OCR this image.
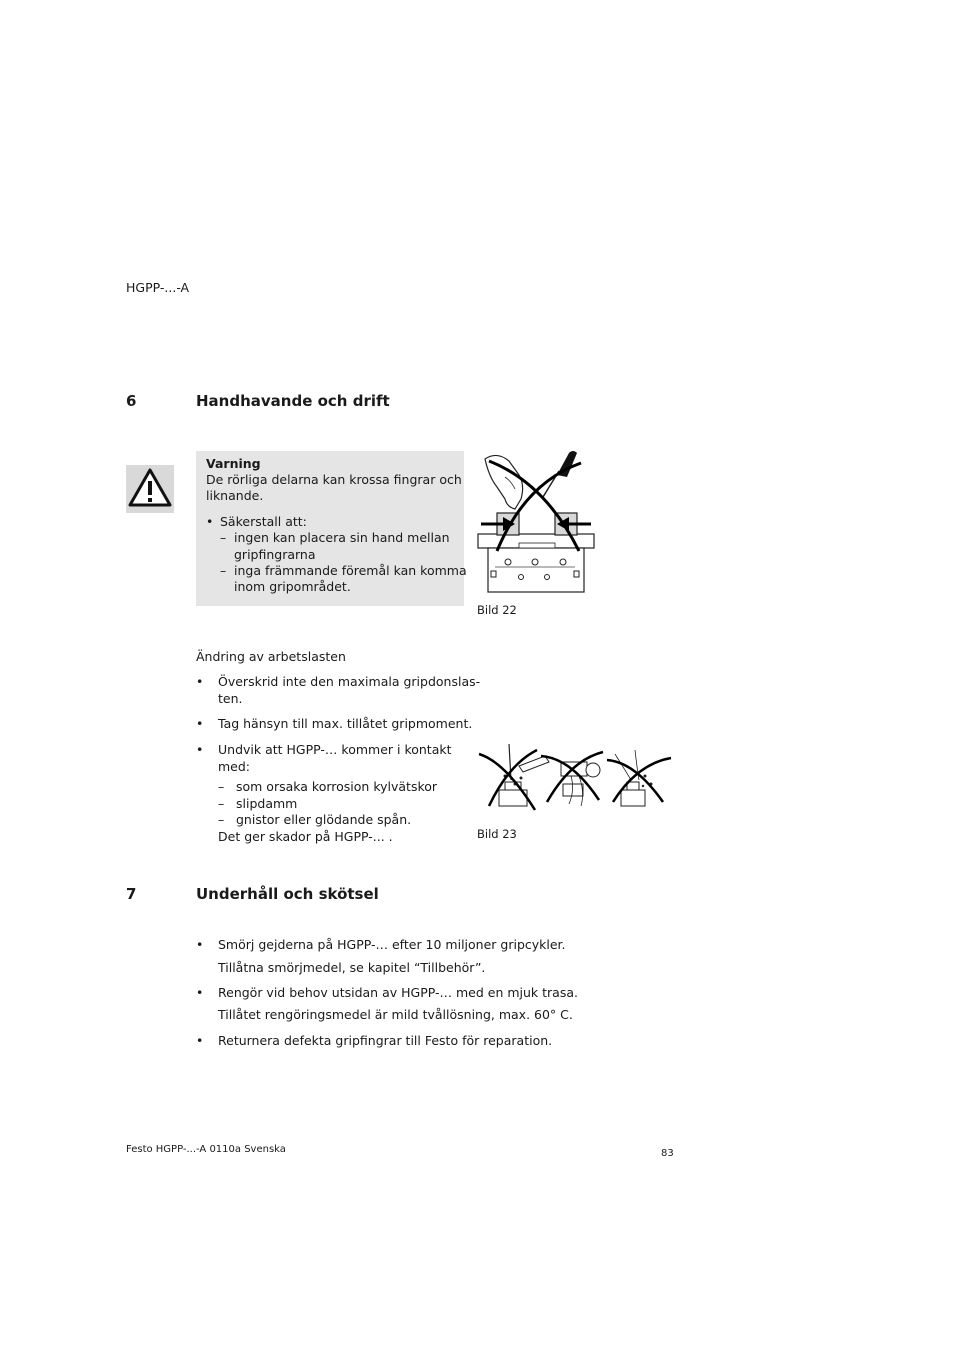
HGPP-...-A
6	Handhavande och drift
Varning
De rörliga delarna kan krossa fingrar och
liknande.
• Säkerstall att:
– ingen kan placera sin hand mellan
gripfingrarna
– inga främmande föremål kan komma
inom gripområdet.
Bild 22
Ändring av arbetslasten
• Överskrid inte den maximala gripdonslas-
ten.
• Tag hänsyn till max. tillåtet gripmoment.
• Undvik att HGPP-… kommer i kontakt
med:
– som orsaka korrosion kylvätskor
– slipdamm
– gnistor eller glödande spån.
Det ger skador på HGPP-... .	Bild 23
7	Underhåll och skötsel
• Smörj gejderna på HGPP-… efter 10 miljoner gripcykler.
Tillåtna smörjmedel, se kapitel “Tillbehör”.
• Rengör vid behov utsidan av HGPP-… med en mjuk trasa.
Tillåtet rengöringsmedel är mild tvållösning, max. 60° C.
• Returnera defekta gripfingrar till Festo för reparation.
Festo HGPP-...-A 0110a Svenska	83
